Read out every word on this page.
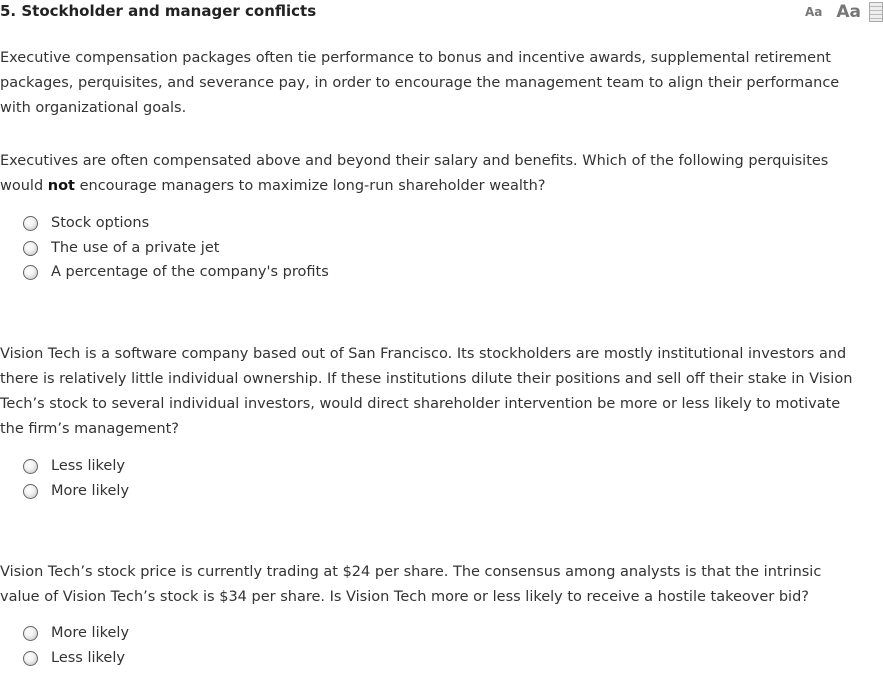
5. Stockholder and manager conflicts	Aa Aa
Executive compensation packages often tie performance to bonus and incentive awards, supplemental retirement
packages, perquisites, and severance pay, in order to encourage the management team to align their performance
with organizational goals.
Executives are often compensated above and beyond their salary and benefits. Which of the following perquisites
would not encourage managers to maximize long-run shareholder wealth?
Stock options
The use of a private jet
A percentage of the company's profits
Vision Tech is a software company based out of San Francisco. Its stockholders are mostly institutional investors and
there is relatively little individual ownership. If these institutions dilute their positions and sell off their stake in Vision
Tech’s stock to several individual investors, would direct shareholder intervention be more or less likely to motivate
the firm’s management?
Less likely
More likely
Vision Tech’s stock price is currently trading at $24 per share. The consensus among analysts is that the intrinsic
value of Vision Tech’s stock is $34 per share. Is Vision Tech more or less likely to receive a hostile takeover bid?
More likely
Less likely
